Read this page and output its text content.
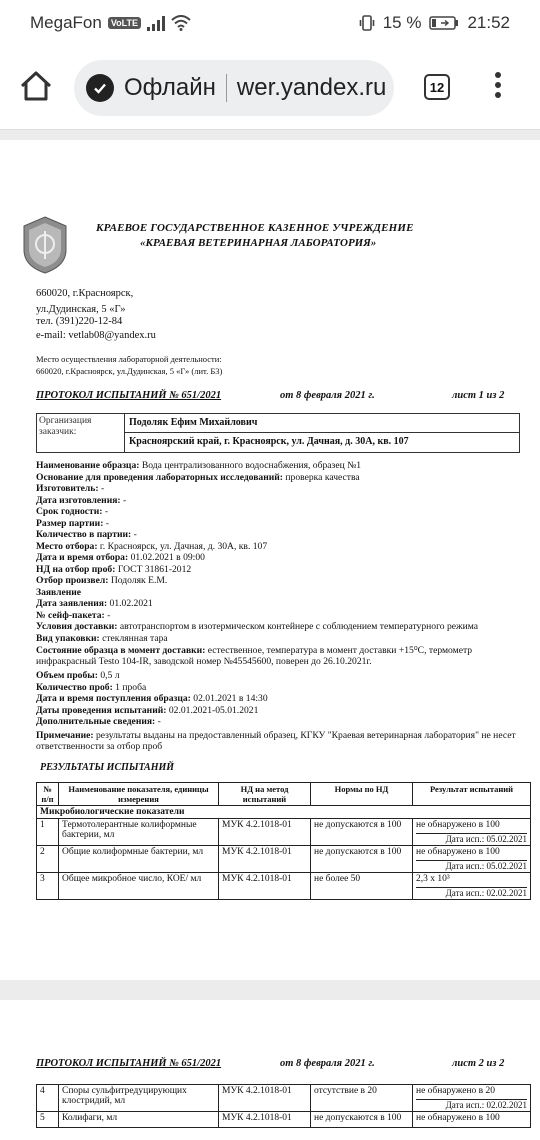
MegaFon	VoLTE	15 %	21:52
Офлайн wer.yandex.ru	12
КРАЕВОЕ ГОСУДАРСТВЕННОЕ КАЗЕННОЕ УЧРЕЖДЕНИЕ
«КРАЕВАЯ ВЕТЕРИНАРНАЯ ЛАБОРАТОРИЯ»
660020, г.Красноярск,
ул.Дудинская, 5 «Г»
тел. (391)220-12-84
e-mail: vetlab08@yandex.ru
Место осуществления лабораторной деятельности:
660020, г.Красноярск, ул.Дудинская, 5 «Г» (лит. Б3)
ПРОТОКОЛ ИСПЫТАНИЙ № 651/2021	от 8 февраля 2021 г.	лист 1 из 2
Организация заказчик:
Подоляк Ефим Михайлович
Красноярский край, г. Красноярск, ул. Дачная, д. 30А, кв. 107
Наименование образца: Вода централизованного водоснабжения, образец №1
Основание для проведения лабораторных исследований: проверка качества
Изготовитель: -
Дата изготовления: -
Срок годности: -
Размер партии: -
Количество в партии: -
Место отбора: г. Красноярск, ул. Дачная, д. 30А, кв. 107
Дата и время отбора: 01.02.2021 в 09:00
НД на отбор проб: ГОСТ 31861-2012
Отбор произвел: Подоляк Е.М.
Заявление
Дата заявления: 01.02.2021
№ сейф-пакета: -
Условия доставки: автотранспортом в изотермическом контейнере с соблюдением температурного режима
Вид упаковки: стеклянная тара
Состояние образца в момент доставки: естественное, температура в момент доставки +15⁰C, термометр инфракрасный Testo 104-IR, заводской номер №45545600, поверен до 26.10.2021г.
Объем пробы: 0,5 л
Количество проб: 1 проба
Дата и время поступления образца: 02.01.2021 в 14:30
Даты проведения испытаний: 02.01.2021-05.01.2021
Дополнительные сведения: -
Примечание: результаты выданы на предоставленный образец, КГКУ "Краевая ветеринарная лаборатория" не несет ответственности за отбор проб
РЕЗУЛЬТАТЫ ИСПЫТАНИЙ
№ п/п	Наименование показателя, единицы измерения	НД на метод испытаний	Нормы по НД	Результат испытаний
Микробиологические показатели				
1	Термотолерантные колиформные бактерии, мл	МУК 4.2.1018-01	не допускаются в 100	не обнаружено в 100
Дата исп.: 05.02.2021

2	Общие колиформные бактерии, мл	МУК 4.2.1018-01	не допускаются в 100	не обнаружено в 100
Дата исп.: 05.02.2021

3	Общее микробное число, КОЕ/ мл	МУК 4.2.1018-01	не более 50	2,3 х 10³
Дата исп.: 02.02.2021
ПРОТОКОЛ ИСПЫТАНИЙ № 651/2021	от 8 февраля 2021 г.	лист 2 из 2
4	Споры сульфитредуцирующих клостридий, мл	МУК 4.2.1018-01	отсутствие в 20	не обнаружено в 20
Дата исп.: 02.02.2021

5	Колифаги, мл	МУК 4.2.1018-01	не допускаются в 100	не обнаружено в 100
